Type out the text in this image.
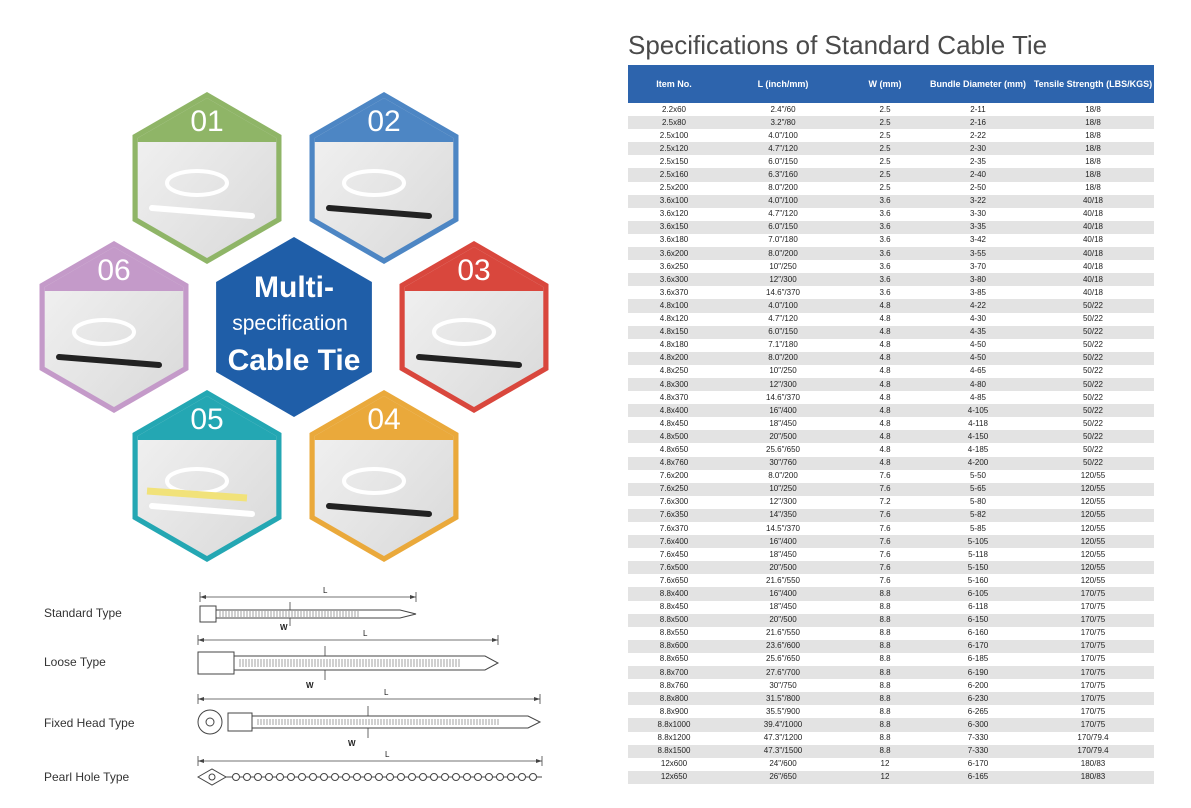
01	02
03
04
05
06
Multi-
specification
Cable Tie
Standard Type
Loose Type
Fixed Head Type
Pearl Hole Type
L
W
L
W
L
W
L
Specifications of Standard Cable Tie
Item No.	L (inch/mm)	W (mm)	Bundle Diameter (mm)	Tensile Strength (LBS/KGS)
2.2x60	2.4"/60	2.5	2-11	18/8
2.5x80	3.2"/80	2.5	2-16	18/8
2.5x100	4.0"/100	2.5	2-22	18/8
2.5x120	4.7"/120	2.5	2-30	18/8
2.5x150	6.0"/150	2.5	2-35	18/8
2.5x160	6.3"/160	2.5	2-40	18/8
2.5x200	8.0"/200	2.5	2-50	18/8
3.6x100	4.0"/100	3.6	3-22	40/18
3.6x120	4.7"/120	3.6	3-30	40/18
3.6x150	6.0"/150	3.6	3-35	40/18
3.6x180	7.0"/180	3.6	3-42	40/18
3.6x200	8.0"/200	3.6	3-55	40/18
3.6x250	10"/250	3.6	3-70	40/18
3.6x300	12"/300	3.6	3-80	40/18
3.6x370	14.6"/370	3.6	3-85	40/18
4.8x100	4.0"/100	4.8	4-22	50/22
4.8x120	4.7"/120	4.8	4-30	50/22
4.8x150	6.0"/150	4.8	4-35	50/22
4.8x180	7.1"/180	4.8	4-50	50/22
4.8x200	8.0"/200	4.8	4-50	50/22
4.8x250	10"/250	4.8	4-65	50/22
4.8x300	12"/300	4.8	4-80	50/22
4.8x370	14.6"/370	4.8	4-85	50/22
4.8x400	16"/400	4.8	4-105	50/22
4.8x450	18"/450	4.8	4-118	50/22
4.8x500	20"/500	4.8	4-150	50/22
4.8x650	25.6"/650	4.8	4-185	50/22
4.8x760	30"/760	4.8	4-200	50/22
7.6x200	8.0"/200	7.6	5-50	120/55
7.6x250	10"/250	7.6	5-65	120/55
7.6x300	12"/300	7.2	5-80	120/55
7.6x350	14"/350	7.6	5-82	120/55
7.6x370	14.5"/370	7.6	5-85	120/55
7.6x400	16"/400	7.6	5-105	120/55
7.6x450	18"/450	7.6	5-118	120/55
7.6x500	20"/500	7.6	5-150	120/55
7.6x650	21.6"/550	7.6	5-160	120/55
8.8x400	16"/400	8.8	6-105	170/75
8.8x450	18"/450	8.8	6-118	170/75
8.8x500	20"/500	8.8	6-150	170/75
8.8x550	21.6"/550	8.8	6-160	170/75
8.8x600	23.6"/600	8.8	6-170	170/75
8.8x650	25.6"/650	8.8	6-185	170/75
8.8x700	27.6"/700	8.8	6-190	170/75
8.8x760	30"/750	8.8	6-200	170/75
8.8x800	31.5"/800	8.8	6-230	170/75
8.8x900	35.5"/900	8.8	6-265	170/75
8.8x1000	39.4"/1000	8.8	6-300	170/75
8.8x1200	47.3"/1200	8.8	7-330	170/79.4
8.8x1500	47.3"/1500	8.8	7-330	170/79.4
12x600	24"/600	12	6-170	180/83
12x650	26"/650	12	6-165	180/83
